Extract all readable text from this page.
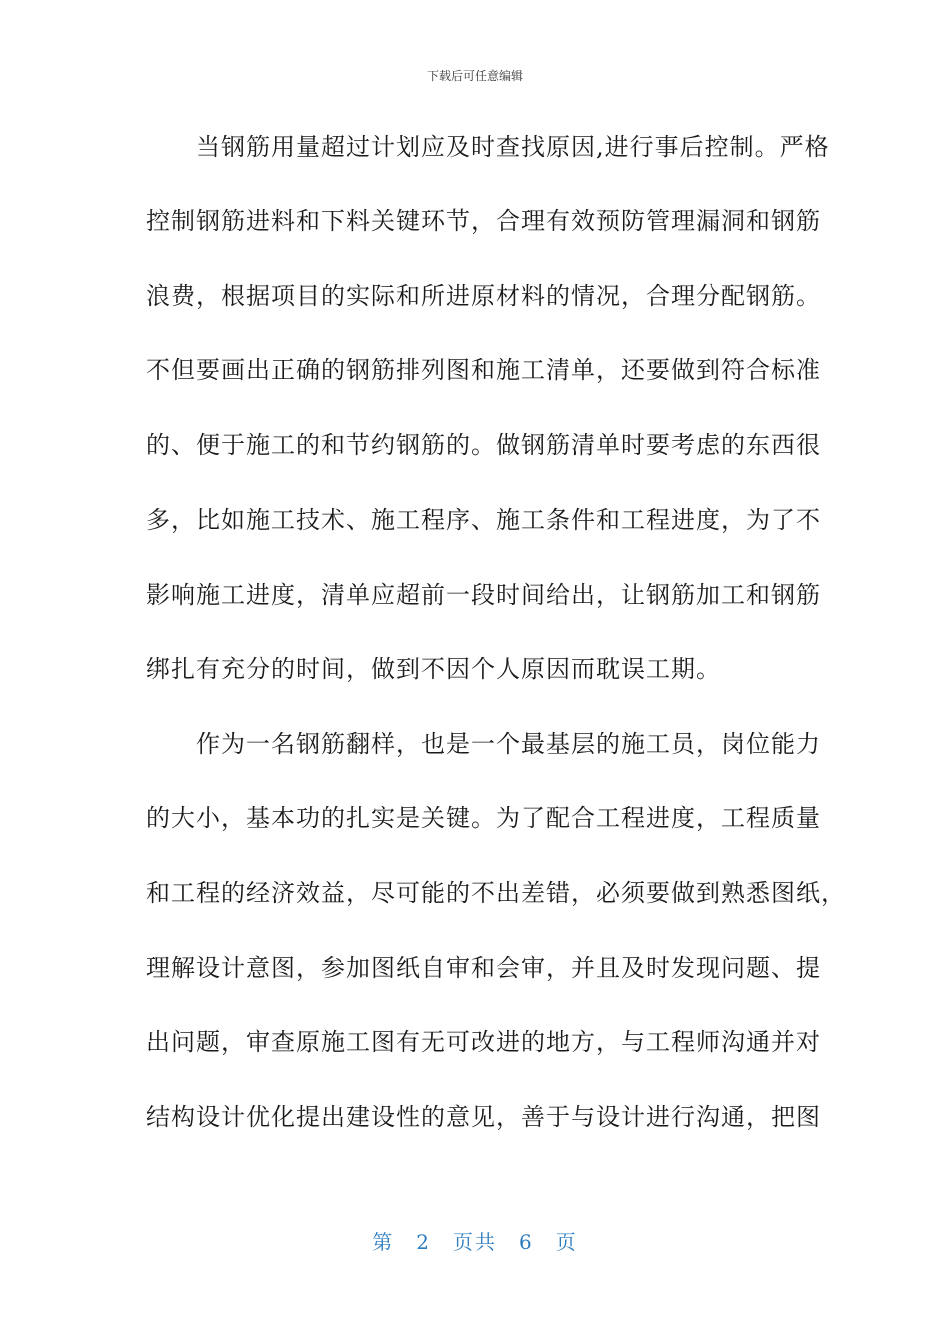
下载后可任意编辑
　　当钢筋用量超过计划应及时查找原因,进行事后控制。严格
控制钢筋进料和下料关键环节，合理有效预防管理漏洞和钢筋
浪费，根据项目的实际和所进原材料的情况，合理分配钢筋。
不但要画出正确的钢筋排列图和施工清单，还要做到符合标准
的、便于施工的和节约钢筋的。做钢筋清单时要考虑的东西很
多，比如施工技术、施工程序、施工条件和工程进度，为了不
影响施工进度，清单应超前一段时间给出，让钢筋加工和钢筋
绑扎有充分的时间，做到不因个人原因而耽误工期。
　　作为一名钢筋翻样，也是一个最基层的施工员，岗位能力
的大小，基本功的扎实是关键。为了配合工程进度，工程质量
和工程的经济效益，尽可能的不出差错，必须要做到熟悉图纸，
理解设计意图，参加图纸自审和会审，并且及时发现问题、提
出问题，审查原施工图有无可改进的地方，与工程师沟通并对
结构设计优化提出建设性的意见，善于与设计进行沟通，把图
第 2 页共 6 页
